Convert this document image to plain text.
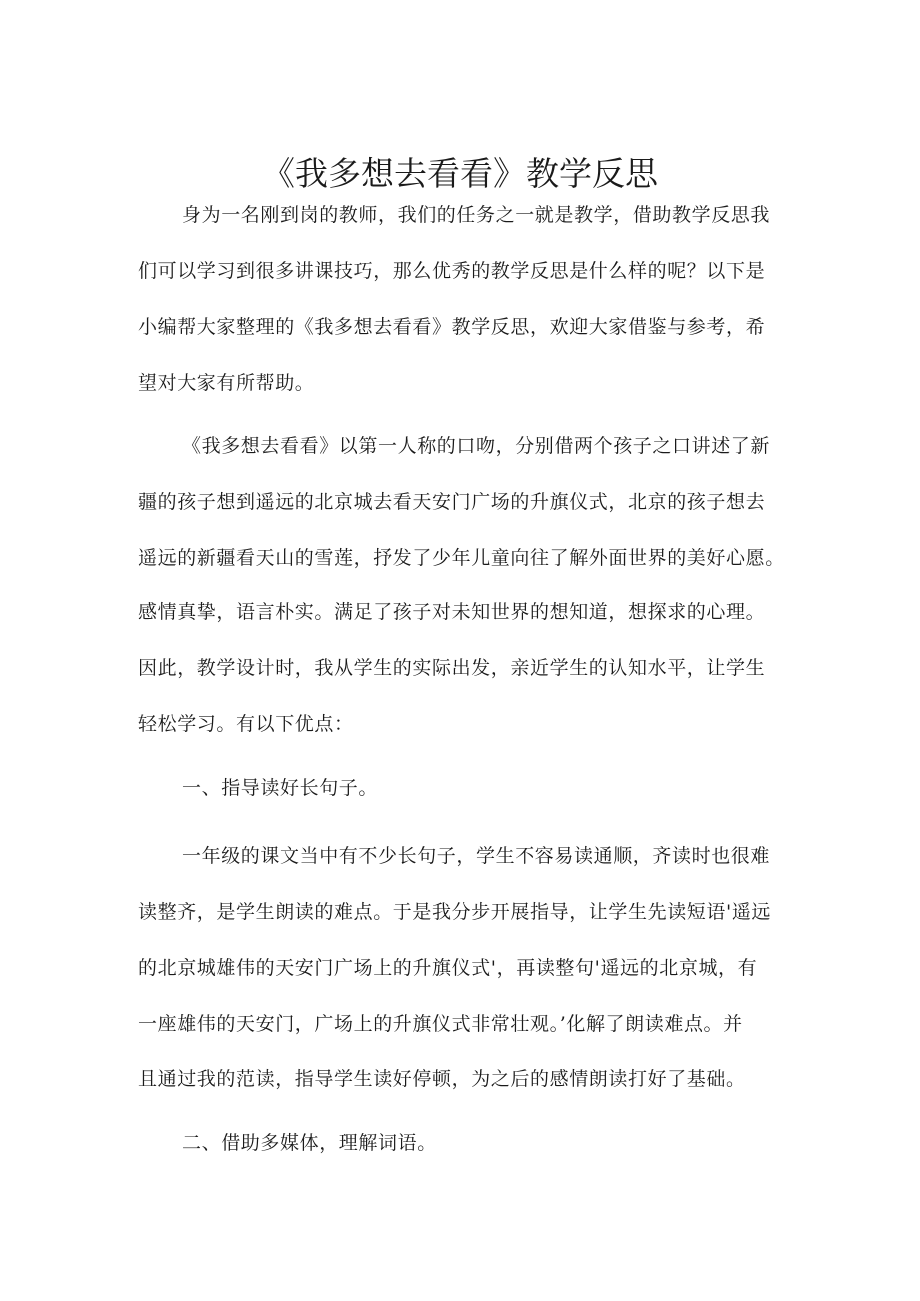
《我多想去看看》教学反思
身为一名刚到岗的教师，我们的任务之一就是教学，借助教学反思我
们可以学习到很多讲课技巧，那么优秀的教学反思是什么样的呢？以下是
小编帮大家整理的《我多想去看看》教学反思，欢迎大家借鉴与参考，希
望对大家有所帮助。
《我多想去看看》以第一人称的口吻，分别借两个孩子之口讲述了新
疆的孩子想到遥远的北京城去看天安门广场的升旗仪式，北京的孩子想去
遥远的新疆看天山的雪莲，抒发了少年儿童向往了解外面世界的美好心愿。
感情真挚，语言朴实。满足了孩子对未知世界的想知道，想探求的心理。
因此，教学设计时，我从学生的实际出发，亲近学生的认知水平，让学生
轻松学习。有以下优点：
一、指导读好长句子。
一年级的课文当中有不少长句子，学生不容易读通顺，齐读时也很难
读整齐，是学生朗读的难点。于是我分步开展指导，让学生先读短语'遥远
的北京城雄伟的天安门广场上的升旗仪式'，再读整句'遥远的北京城，有
一座雄伟的天安门，广场上的升旗仪式非常壮观。’化解了朗读难点。并
且通过我的范读，指导学生读好停顿，为之后的感情朗读打好了基础。
二、借助多媒体，理解词语。
